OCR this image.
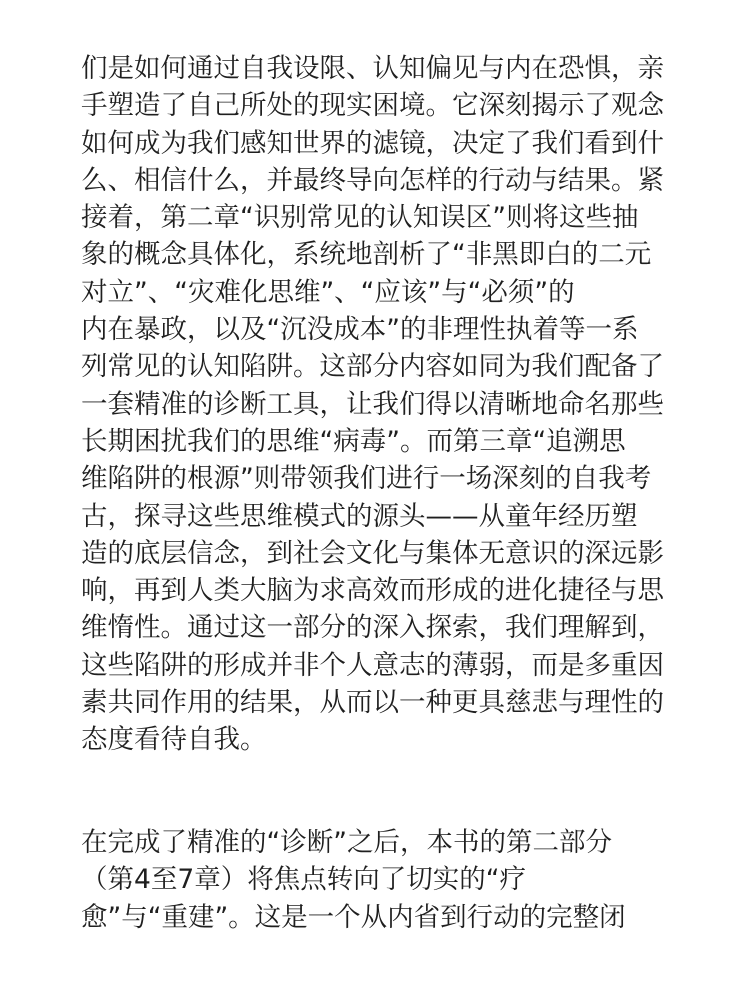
们是如何通过自我设限、认知偏见与内在恐惧，亲
手塑造了自己所处的现实困境。它深刻揭示了观念
如何成为我们感知世界的滤镜，决定了我们看到什
么、相信什么，并最终导向怎样的行动与结果。紧
接着，第二章“识别常见的认知误区”则将这些抽
象的概念具体化，系统地剖析了“非黑即白的二元
对立”、“灾难化思维”、“应该”与“必须”的
内在暴政，以及“沉没成本”的非理性执着等一系
列常见的认知陷阱。这部分内容如同为我们配备了
一套精准的诊断工具，让我们得以清晰地命名那些
长期困扰我们的思维“病毒”。而第三章“追溯思
维陷阱的根源”则带领我们进行一场深刻的自我考
古，探寻这些思维模式的源头——从童年经历塑
造的底层信念，到社会文化与集体无意识的深远影
响，再到人类大脑为求高效而形成的进化捷径与思
维惰性。通过这一部分的深入探索，我们理解到，
这些陷阱的形成并非个人意志的薄弱，而是多重因
素共同作用的结果，从而以一种更具慈悲与理性的
态度看待自我。
在完成了精准的“诊断”之后，本书的第二部分
（第4至7章）将焦点转向了切实的“疗
愈”与“重建”。这是一个从内省到行动的完整闭
